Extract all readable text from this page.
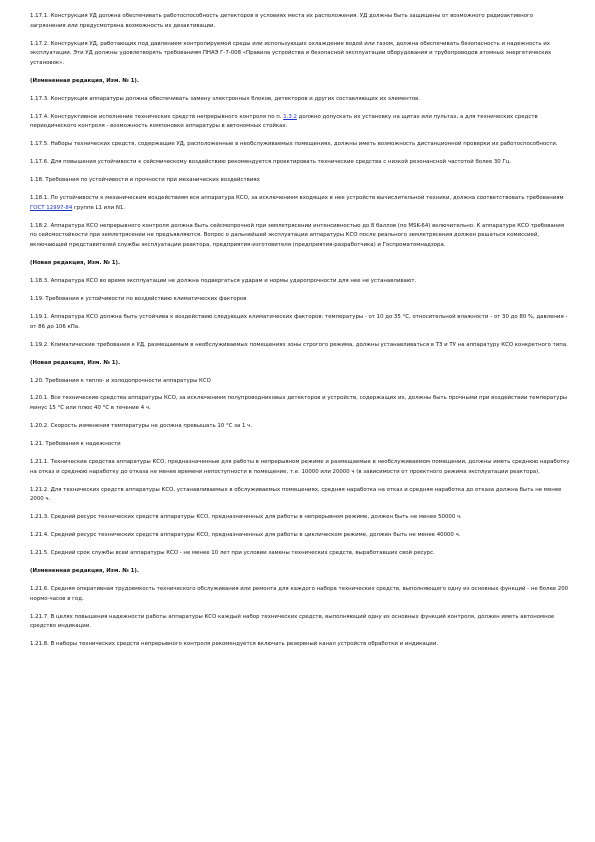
1.17.1. Конструкция УД должна обеспечивать работоспособность детекторов в условиях места их расположения. УД должны быть защищены от возможного радиоактивного загрязнения или предусмотрена возможность их дезактивации.

1.17.2. Конструкция УД, работающих под давлением контролируемой среды или использующих охлаждение водой или газом, должна обеспечивать безопасность и надежность их эксплуатации. Эти УД должны удовлетворять требованиям ПНАЭ Г-7-008 «Правила устройства и безопасной эксплуатации оборудования и трубопроводов атомных энергетических установок».

(Измененная редакция, Изм. № 1).

1.17.3. Конструкция аппаратуры должна обеспечивать замену электронных блоков, детекторов и других составляющих их элементов.

1.17.4. Конструктивное исполнение технических средств непрерывного контроля по п. 1.3.2 должно допускать их установку на щитах или пультах, а для технических средств периодического контроля - возможность компоновки аппаратуры в автономных стойках.

1.17.5. Наборы технических средств, содержащие УД, расположенные в необслуживаемых помещениях, должны иметь возможность дистанционной проверки их работоспособности.

1.17.6. Для повышения устойчивости к сейсмическому воздействию рекомендуется проектировать технические средства с низкой резонансной частотой более 30 Гц.

1.18. Требования по устойчивости и прочности при механических воздействиях

1.18.1. По устойчивости к механическим воздействиям вся аппаратура КСО, за исключением входящих в нее устройств вычислительной техники, должна соответствовать требованиям ГОСТ 12997-84 группе L1 или N1.

1.18.2. Аппаратура КСО непрерывного контроля должна быть сейсмопрочной при землетрясении интенсивностью до 8 баллов (по MSK-64) включительно. К аппаратуре КСО требования по сейсмостойкости при землетрясении не предъявляются. Вопрос о дальнейшей эксплуатации аппаратуры КСО после реального землетрясения должен решаться комиссией, включающей представителей службы эксплуатации реактора, предприятия-изготовителя (предприятия-разработчика) и Госпроматомнадзора.

(Новая редакция, Изм. № 1).

1.18.3. Аппаратура КСО во время эксплуатации не должна подвергаться ударам и нормы ударопрочности для нее не устанавливают.

1.19. Требования к устойчивости по воздействию климатических факторов

1.19.1. Аппаратура КСО должна быть устойчива к воздействию следующих климатических факторов: температуры - от 10 до 35 °С, относительной влажности - от 30 до 80 %, давления - от 86 до 106 кПа.

1.19.2. Климатические требования к УД, размещаемым в необслуживаемых помещениях зоны строгого режима, должны устанавливаться в ТЗ и ТУ на аппаратуру КСО конкретного типа.

(Новая редакция, Изм. № 1).

1.20. Требования к тепло- и холодопрочности аппаратуры КСО

1.20.1. Все технические средства аппаратуры КСО, за исключением полупроводниковых детекторов и устройств, содержащих их, должны быть прочными при воздействии температуры минус 15 °С или плюс 40 °С в течение 4 ч.

1.20.2. Скорость изменения температуры не должна превышать 10 °С за 1 ч.

1.21. Требования к надежности

1.21.1. Технические средства аппаратуры КСО, предназначенные для работы в непрерывном режиме и размещаемые в необслуживаемом помещении, должны иметь среднюю наработку на отказ и среднюю наработку до отказа не менее времени непоступности в помещение, т.е. 10000 или 20000 ч (в зависимости от проектного режима эксплуатации реактора).

1.21.2. Для технических средств аппаратуры КСО, устанавливаемых в обслуживаемых помещениях, средняя наработка на отказ и средняя наработка до отказа должна быть не менее 2000 ч.

1.21.3. Средний ресурс технических средств аппаратуры КСО, предназначенных для работы в непрерывном режиме, должен быть не менее 50000 ч.

1.21.4. Средний ресурс технических средств аппаратуры КСО, предназначенных для работы в циклическом режиме, должен быть не менее 40000 ч.

1.21.5. Средний срок службы всей аппаратуры КСО - не менее 10 лет при условии замены технических средств, выработавших свой ресурс.

(Измененная редакция, Изм. № 1).

1.21.6. Средняя оперативная трудоемкость технического обслуживания или ремонта для каждого набора технических средств, выполняющего одну из основных функций - не более 200 нормо-часов в год.

1.21.7. В целях повышения надежности работы аппаратуры КСО каждый набор технических средств, выполняющий одну из основных функций контроля, должен иметь автономное средство индикации.

1.21.8. В наборы технических средств непрерывного контроля рекомендуется включать резервный канал устройств обработки и индикации.
